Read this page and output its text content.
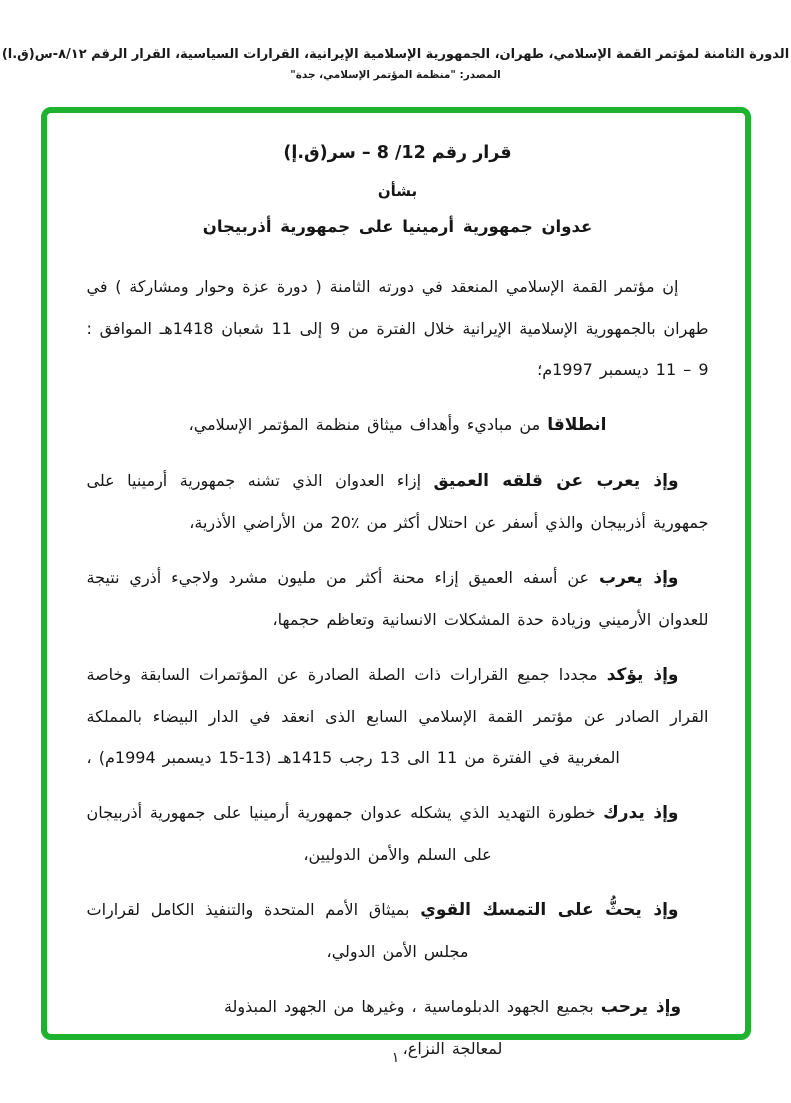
الدورة الثامنة لمؤتمر القمة الإسلامي، طهران، الجمهورية الإسلامية الإيرانية، القرارات السياسية، القرار الرقم ٨/١٢-س(ق.ا)
المصدر: "منظمة المؤتمر الإسلامي، جدة"
قرار رقم 12/ 8 – سر(ق.إ)
بشأن
عدوان جمهورية أرمينيا على جمهورية أذربيجان

إن مؤتمر القمة الإسلامي المنعقد في دورته الثامنة ( دورة عزة وحوار ومشاركة ) في طهران بالجمهورية الإسلامية الإيرانية خلال الفترة من 9 إلى 11 شعبان 1418هـ الموافق : 9 – 11 ديسمبر 1997م؛

انطلاقا من مباديء وأهداف ميثاق منظمة المؤتمر الإسلامي،

وإذ يعرب عن قلقه العميق إزاء العدوان الذي تشنه جمهورية أرمينيا على جمهورية أذربيجان والذي أسفر عن احتلال أكثر من ٪20 من الأراضي الأذرية،

وإذ يعرب عن أسفه العميق إزاء محنة أكثر من مليون مشرد ولاجيء أذري نتيجة للعدوان الأرميني وزيادة حدة المشكلات الانسانية وتعاظم حجمها،

وإذ يؤكد مجددا جميع القرارات ذات الصلة الصادرة عن المؤتمرات السابقة وخاصة القرار الصادر عن مؤتمر القمة الإسلامي السابع الذى انعقد في الدار البيضاء بالمملكة المغربية في الفترة من 11 الى 13 رجب 1415هـ (13-15 ديسمبر 1994م) ،

وإذ يدرك خطورة التهديد الذي يشكله عدوان جمهورية أرمينيا على جمهورية أذربيجان على السلم والأمن الدوليين،

وإذ يحثُّ على التمسك القوي بميثاق الأمم المتحدة والتنفيذ الكامل لقرارات مجلس الأمن الدولي،

وإذ يرحب بجميع الجهود الدبلوماسية ، وغيرها من الجهود المبذولة لمعالجة النزاع،

١
